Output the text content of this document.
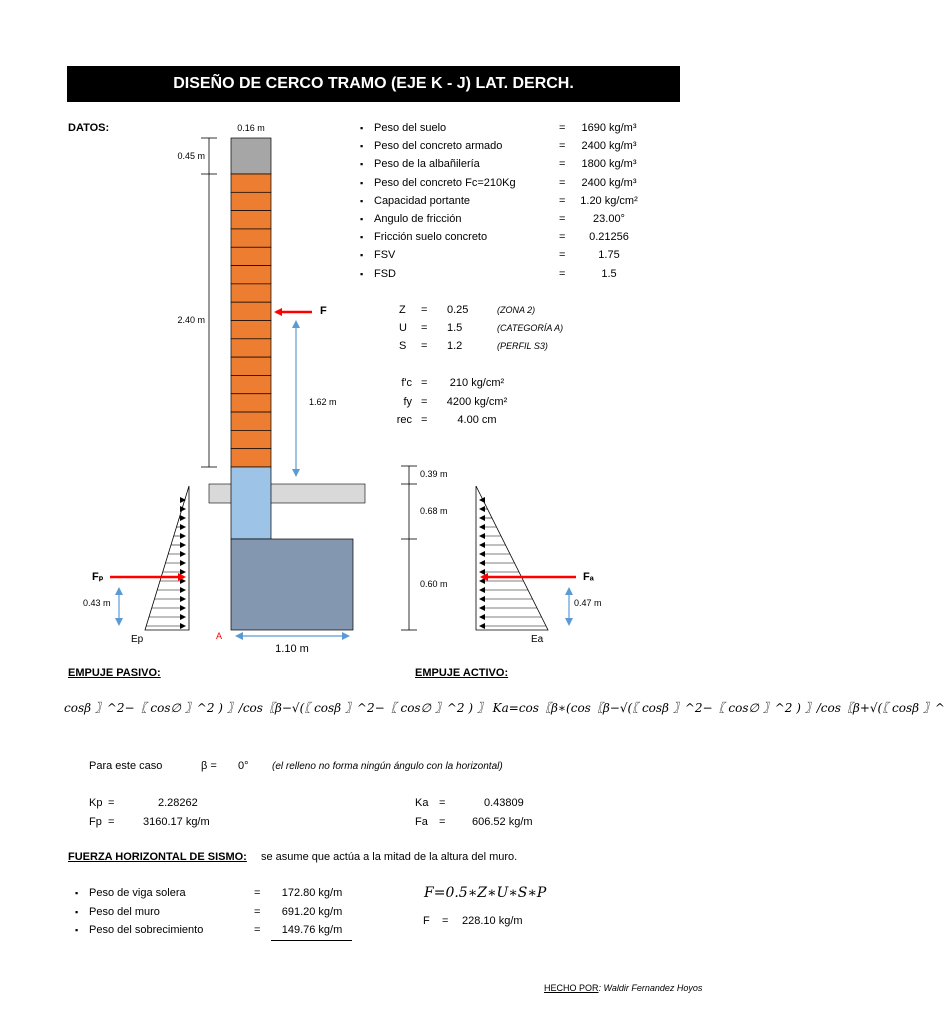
DISEÑO DE CERCO TRAMO (EJE K - J) LAT. DERCH.
DATOS:
▪	Peso del suelo	= 1690 kg/m³
▪ Peso del concreto armado	= 2400 kg/m³
▪ Peso de la albañilería	= 1800 kg/m³
▪ Peso del concreto Fc=210Kg	= 2400 kg/m³
▪ Capacidad portante	= 1.20 kg/cm²
▪ Angulo de fricción	=	23.00°
▪ Fricción suelo concreto	=	0.21256
▪ FSV	=	1.75
▪ FSD	=	1.5
Z = 0.25	(ZONA 2)
U = 1.5	(CATEGORÍA A)
S = 1.2	(PERFIL S3)
f'c =	210 kg/cm²
fy =	4200 kg/cm²
rec =	4.00 cm
0.16 m
0.45 m
2.40 m
F
1.62 m
0.39 m
0.68 m
0.60 m
Fₚ	Fₐ
0.43 m	0.47 m
Ep	Ea
A
1.10 m
EMPUJE PASIVO:	EMPUJE ACTIVO:
cos𝛽 〗^2−〖 cos∅ 〗^2 ) 〗/cos〖𝛽−√(〖 cos𝛽 〗^2−〖 cos∅ 〗^2 ) 〗 𝐾𝑎=cos〖𝛽∗(cos〖𝛽−√(〖 cos𝛽 〗^2−〖 cos∅ 〗^2 ) 〗/cos〖𝛽+√(〖 cos𝛽 〗^
Para este caso	β = 0° (el relleno no forma ningún ángulo con la horizontal)
Kp =	2.28262
Fp =	3160.17 kg/m
Ka =	0.43809
Fa = 606.52 kg/m
FUERZA HORIZONTAL DE SISMO: se asume que actúa a la mitad de la altura del muro.
▪ Peso de viga solera	=	172.80 kg/m
▪ Peso del muro	=	691.20 kg/m
▪ Peso del sobrecimiento	=	149.76 kg/m
𝐹=0.5∗𝑍∗𝑈∗𝑆∗𝑃
F = 228.10 kg/m
HECHO POR: Waldir Fernandez Hoyos
